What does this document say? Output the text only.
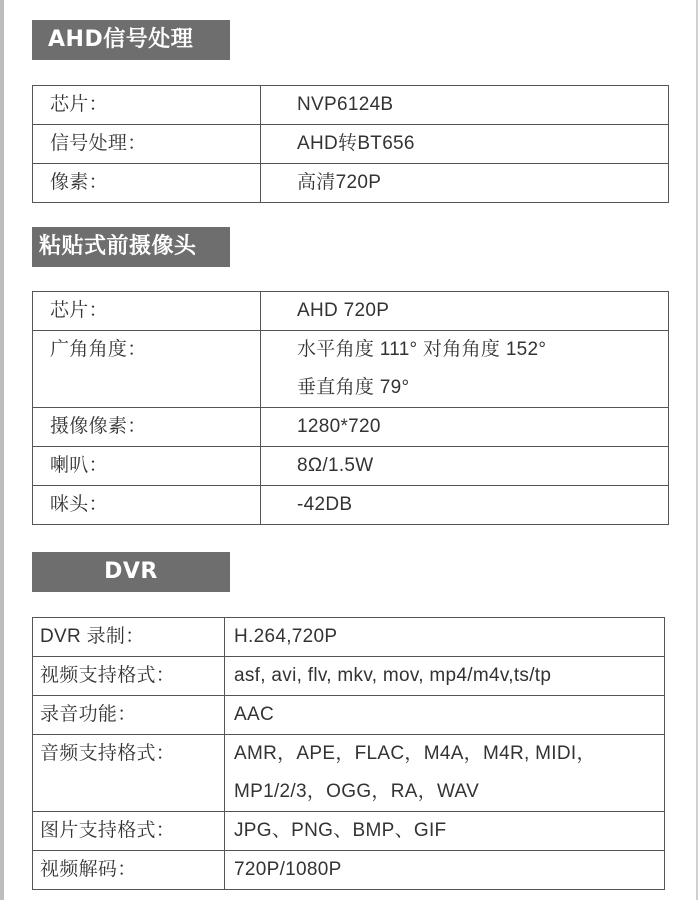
AHD信号处理
芯片：	NVP6124B

信号处理：	AHD转BT656

像素：	高清720P
粘贴式前摄像头
芯片：	AHD 720P

广角角度：	水平角度 111° 对角角度 152°
垂直角度 79°

摄像像素：	1280*720

喇叭：	8Ω/1.5W

咪头：	-42DB
DVR
DVR 录制：	H.264,720P

视频支持格式：	asf, avi, flv, mkv, mov, mp4/m4v,ts/tp

录音功能：	AAC

音频支持格式：	AMR，APE，FLAC，M4A，M4R, MIDI，
MP1/2/3，OGG，RA，WAV

图片支持格式：	JPG、PNG、BMP、GIF

视频解码：	720P/1080P
